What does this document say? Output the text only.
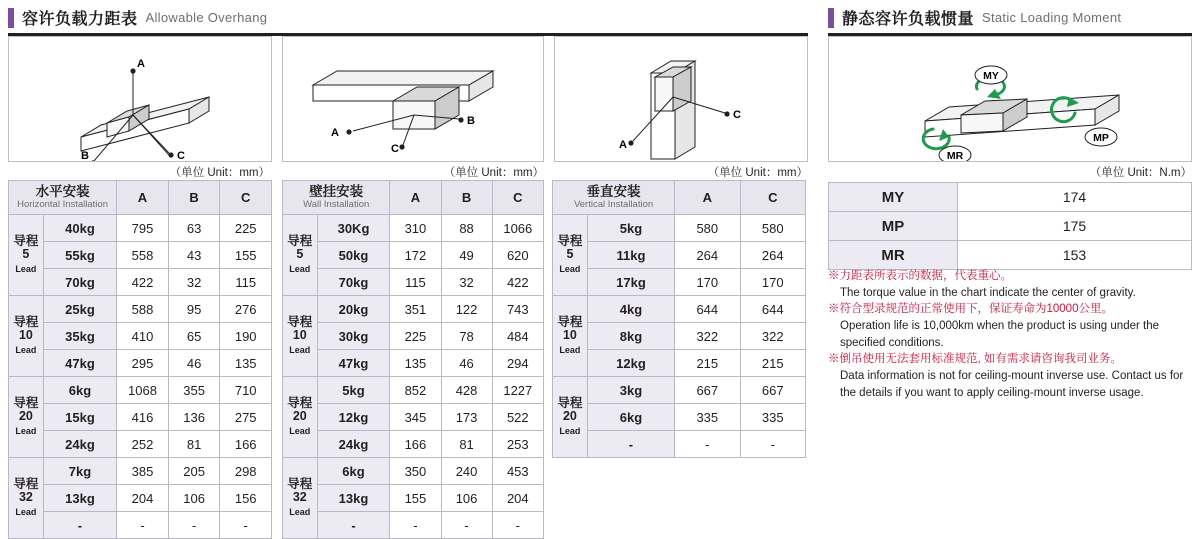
容许负载力距表 Allowable Overhang	静态容许负载惯量 Static Loading Moment
A
C
B
（单位 Unit：mm）
A
B
C
（单位 Unit：mm）
C
A
（单位 Unit：mm）
MY
MP
MR
（单位 Unit：N.m）
水平安装
Horizontal Installation		A	B	C
导程
5
Lead	40kg	795	63	225
	55kg	558	43	155
	70kg	422	32	115
导程
10
Lead	25kg	588	95	276
	35kg	410	65	190
	47kg	295	46	135
导程
20
Lead	6kg	1068	355	710
	15kg	416	136	275
	24kg	252	81	166
导程
32
Lead	7kg	385	205	298
	13kg	204	106	156
	-	-	-	-
壁挂安装
Wall Installation		A	B	C
导程
5
Lead	30Kg	310	88	1066
	50kg	172	49	620
	70kg	115	32	422
导程
10
Lead	20kg	351	122	743
	30kg	225	78	484
	47kg	135	46	294
导程
20
Lead	5kg	852	428	1227
	12kg	345	173	522
	24kg	166	81	253
导程
32
Lead	6kg	350	240	453
	13kg	155	106	204
	-	-	-	-
垂直安装
Vertical Installation		A	C
导程
5
Lead	5kg	580	580
	11kg	264	264
	17kg	170	170
导程
10
Lead	4kg	644	644
	8kg	322	322
	12kg	215	215
导程
20
Lead	3kg	667	667
	6kg	335	335
	-	-	-
MY	174
MP	175
MR	153
※力距表所表示的数据，代表重心。
The torque value in the chart indicate the center of gravity.
※符合型录规范的正常使用下，保证寿命为10000公里。
Operation life is 10,000km when the product is using under the specified conditions.
※倒吊使用无法套用标准规范, 如有需求请咨询我司业务。
Data information is not for ceiling-mount inverse use. Contact us for the details if you want to apply ceiling-mount inverse usage.
